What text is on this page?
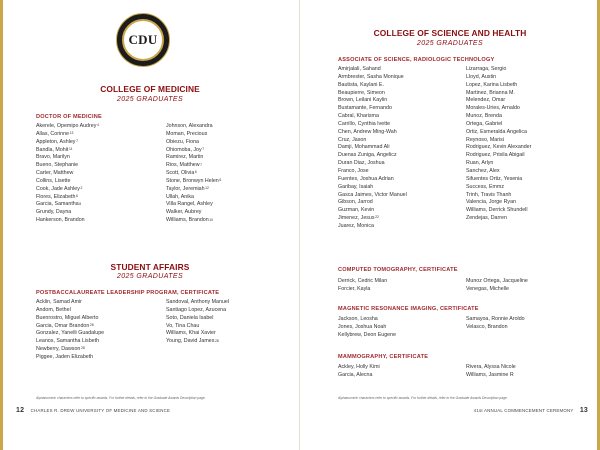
CDU
COLLEGE OF MEDICINE
2025 GRADUATES
DOCTOR OF MEDICINE
Akerele, Opemipo Audrey$^4$
Allas, Corinne$^{13}$
Appleton, Ashley$^7$
Bandla, Mohit$^{11}$
Bravo, Marilyn
Bueno, Stephanie
Carter, Matthew
Collins, Lisette
Cook, Jade Ashley$^2$
Flores, Elizabeth$^6$
Garcia, Samantha$^8$
Grundy, Dayna
Hankerson, Brandon
Johnson, Alexandra
Moman, Precious
Obiezu, Fiona
Ohiomoba, Joy$^7$
Ramirez, Martin
Rios, Matthew$^7$
Scott, Olivia$^6$
Stone, Bronwyn Helen$^6$
Taylor, Jeremiah$^{12}$
Ullah, Anika
Villa Rangel, Ashley
Walker, Aubrey
Williams, Brandon$^{10}$
STUDENT AFFAIRS
2025 GRADUATES
POSTBACCALAUREATE LEADERSHIP PROGRAM, CERTIFICATE
Acklin, Samad Amir
Andom, Bethel
Buenrostro, Miguel Alberto
Garcia, Omar Brandon$^{28}$
Gonzalez, Yanelli Guadalupe
Leanos, Samantha Lisbeth
Newberry, Dawson$^{28}$
Piggee, Jaden Elizabeth
Sandoval, Anthony Manuel
Santiago Lopez, Azucena
Soto, Daniela Isabel
Vo, Tina Chau
Williams, Khai Xavier
Young, David James$^{28}$
Alphanumeric characters refer to specific awards. For further details, refer to the Graduate Awards Description page.
12 CHARLES R. DREW UNIVERSITY OF MEDICINE AND SCIENCE
COLLEGE OF SCIENCE AND HEALTH
2025 GRADUATES
ASSOCIATE OF SCIENCE, RADIOLOGIC TECHNOLOGY
Amirjalali, Sahand
Armbrester, Sasha Monique
Bautista, Kaylani E.
Beaupierre, Simeon
Brown, Leilani Kaylin
Bustamante, Fernando
Cabral, Kharisma
Carrillo, Cynthia Ivette
Chen, Andrew Ming-Wah
Cruz, Jason
Damji, Mohammad Ali
Duenas Zuniga, Angelicz
Duran Diaz, Joshua
Franco, Jose
Fuentes, Joshua Adrian
Garibay, Isaiah
Gasca Jaimes, Victor Manuel
Gibson, Jarrod
Guzman, Kevin
Jimenez, Jesus$^{22}$
Juarez, Monica
Lizarraga, Sergio
Lloyd, Austin
Lopez, Karina Lisbeth
Martinez, Brianna M.
Melendez, Omar
Morales-Uries, Arnaldo
Munoz, Brenda
Ortega, Gabriel
Ortiz, Esmeralda Angelica
Reynoso, Marisi
Rodriguez, Kevin Alexander
Rodriguez, Prisila Abigail
Ruan, Arlyn
Sanchez, Alex
Sifuentes Ortiz, Yesenia
Success, Emmz
Trinh, Travis Thanh
Valencia, Jorge Ryan
Williams, Derrick Shundell
Zendejas, Darren
COMPUTED TOMOGRAPHY, CERTIFICATE
Derrick, Cedric Milan
Forcier, Kayla
Munoz Ortega, Jacqueline
Venegas, Michelle
MAGNETIC RESONANCE IMAGING, CERTIFICATE
Jackson, Leosha
Jones, Joshua Noah
Kellybrew, Deon Eugene
Samayoa, Ronnie Aroldo
Velasco, Brandon
MAMMOGRAPHY, CERTIFICATE
Ackley, Holly Kimi
Garcia, Alecna
Rivera, Alyssa Nicole
Williams, Jasmine R
Alphanumeric characters refer to specific awards. For further details, refer to the Graduate Awards Description page.
41st ANNUAL COMMENCEMENT CEREMONY 13
